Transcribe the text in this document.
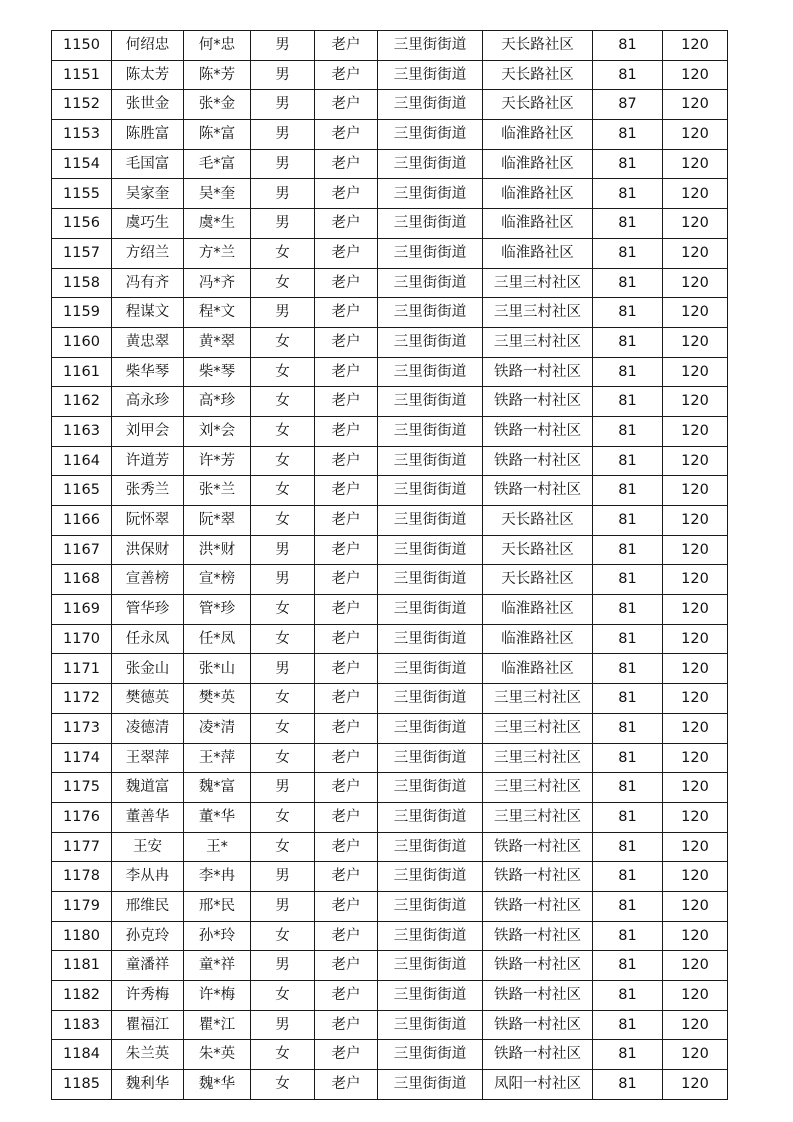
1150	何绍忠	何*忠	男	老户	三里街街道	天长路社区	81	120
1151	陈太芳	陈*芳	男	老户	三里街街道	天长路社区	81	120
1152	张世金	张*金	男	老户	三里街街道	天长路社区	87	120
1153	陈胜富	陈*富	男	老户	三里街街道	临淮路社区	81	120
1154	毛国富	毛*富	男	老户	三里街街道	临淮路社区	81	120
1155	吴家奎	吴*奎	男	老户	三里街街道	临淮路社区	81	120
1156	虞巧生	虞*生	男	老户	三里街街道	临淮路社区	81	120
1157	方绍兰	方*兰	女	老户	三里街街道	临淮路社区	81	120
1158	冯有齐	冯*齐	女	老户	三里街街道	三里三村社区	81	120
1159	程谋文	程*文	男	老户	三里街街道	三里三村社区	81	120
1160	黄忠翠	黄*翠	女	老户	三里街街道	三里三村社区	81	120
1161	柴华琴	柴*琴	女	老户	三里街街道	铁路一村社区	81	120
1162	高永珍	高*珍	女	老户	三里街街道	铁路一村社区	81	120
1163	刘甲会	刘*会	女	老户	三里街街道	铁路一村社区	81	120
1164	许道芳	许*芳	女	老户	三里街街道	铁路一村社区	81	120
1165	张秀兰	张*兰	女	老户	三里街街道	铁路一村社区	81	120
1166	阮怀翠	阮*翠	女	老户	三里街街道	天长路社区	81	120
1167	洪保财	洪*财	男	老户	三里街街道	天长路社区	81	120
1168	宣善榜	宣*榜	男	老户	三里街街道	天长路社区	81	120
1169	管华珍	管*珍	女	老户	三里街街道	临淮路社区	81	120
1170	任永凤	任*凤	女	老户	三里街街道	临淮路社区	81	120
1171	张金山	张*山	男	老户	三里街街道	临淮路社区	81	120
1172	樊德英	樊*英	女	老户	三里街街道	三里三村社区	81	120
1173	凌德清	凌*清	女	老户	三里街街道	三里三村社区	81	120
1174	王翠萍	王*萍	女	老户	三里街街道	三里三村社区	81	120
1175	魏道富	魏*富	男	老户	三里街街道	三里三村社区	81	120
1176	董善华	董*华	女	老户	三里街街道	三里三村社区	81	120
1177	王安	王*	女	老户	三里街街道	铁路一村社区	81	120
1178	李从冉	李*冉	男	老户	三里街街道	铁路一村社区	81	120
1179	邢维民	邢*民	男	老户	三里街街道	铁路一村社区	81	120
1180	孙克玲	孙*玲	女	老户	三里街街道	铁路一村社区	81	120
1181	童潘祥	童*祥	男	老户	三里街街道	铁路一村社区	81	120
1182	许秀梅	许*梅	女	老户	三里街街道	铁路一村社区	81	120
1183	瞿福江	瞿*江	男	老户	三里街街道	铁路一村社区	81	120
1184	朱兰英	朱*英	女	老户	三里街街道	铁路一村社区	81	120
1185	魏利华	魏*华	女	老户	三里街街道	凤阳一村社区	81	120
